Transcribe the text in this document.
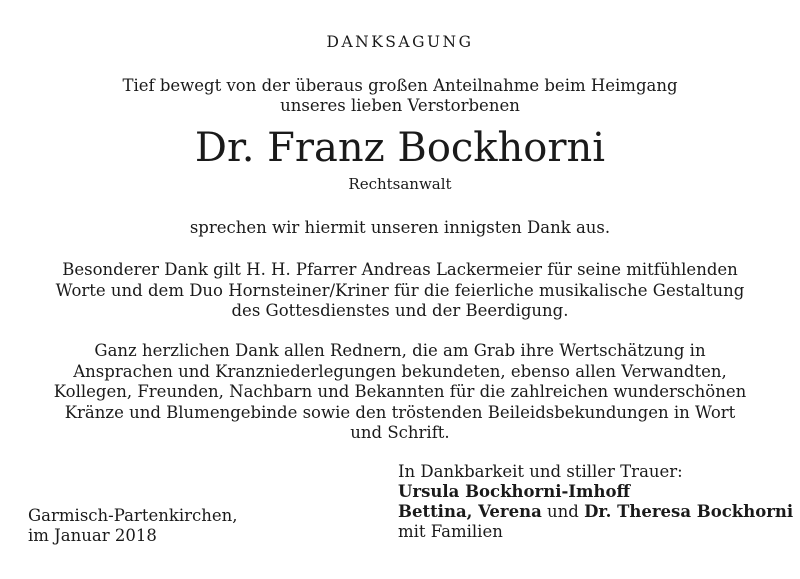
DANKSAGUNG
Tief bewegt von der überaus großen Anteilnahme beim Heimgang
unseres lieben Verstorbenen
Dr. Franz Bockhorni
Rechtsanwalt
sprechen wir hiermit unseren innigsten Dank aus.
Besonderer Dank gilt H. H. Pfarrer Andreas Lackermeier für seine mitfühlenden
Worte und dem Duo Hornsteiner/Kriner für die feierliche musikalische Gestaltung
des Gottesdienstes und der Beerdigung.
Ganz herzlichen Dank allen Rednern, die am Grab ihre Wertschätzung in
Ansprachen und Kranzniederlegungen bekundeten, ebenso allen Verwandten,
Kollegen, Freunden, Nachbarn und Bekannten für die zahlreichen wunderschönen
Kränze und Blumengebinde sowie den tröstenden Beileidsbekundungen in Wort
und Schrift.
Garmisch-Partenkirchen,
im Januar 2018
In Dankbarkeit und stiller Trauer:
Ursula Bockhorni-Imhoff
Bettina, Verena und Dr. Theresa Bockhorni
mit Familien
